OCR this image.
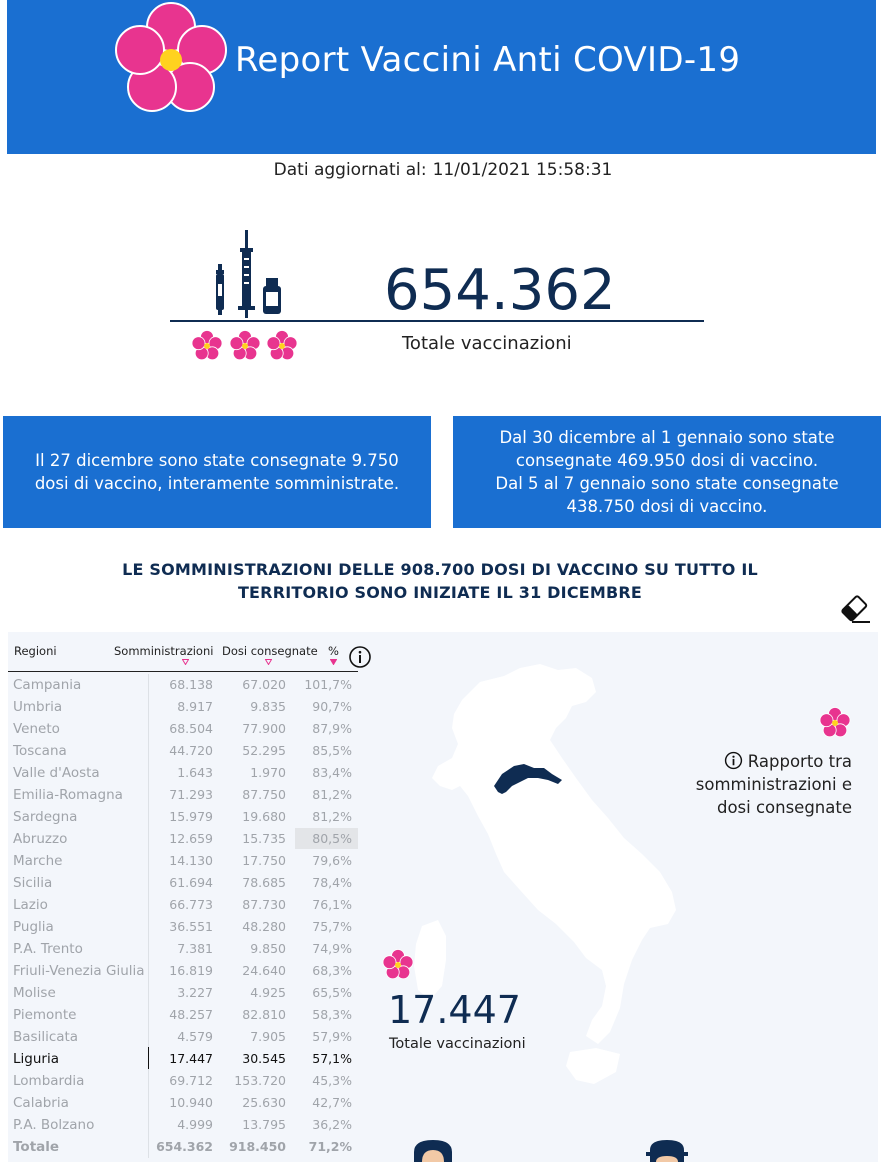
Report Vaccini Anti COVID-19
Dati aggiornati al: 11/01/2021 15:58:31
654.362
Totale vaccinazioni

Il 27 dicembre sono state consegnate 9.750 dosi di vaccino, interamente somministrate.

Dal 30 dicembre al 1 gennaio sono state consegnate 469.950 dosi di vaccino.

Dal 5 al 7 gennaio sono state consegnate 438.750 dosi di vaccino.

LE SOMMINISTRAZIONI DELLE 908.700 DOSI DI VACCINO SU TUTTO IL
TERRITORIO SONO INIZIATE IL 31 DICEMBRE
Regioni	Somministrazioni Dosi consegnate %
Campania	68.138 67.020 101,7%
Umbria	8.917	9.835 90,7%
Veneto	68.504 77.900 87,9%
Toscana	44.720 52.295 85,5%
Valle d'Aosta	1.643	1.970 83,4%
Emilia-Romagna	71.293 87.750 81,2%
Sardegna	15.979 19.680 81,2%
Abruzzo	12.659 15.735	80,5%
Marche	14.130 17.750 79,6%
Sicilia	61.694 78.685 78,4%
Lazio	66.773 87.730 76,1%
Puglia	36.551 48.280 75,7%
P.A. Trento	7.381	9.850 74,9%
Friuli-Venezia Giulia 16.819 24.640 68,3%
Molise	3.227	4.925 65,5%
Piemonte	48.257 82.810 58,3%
Basilicata	4.579	7.905 57,9%
Liguria	17.447 30.545 57,1%
Lombardia	69.712 153.720 45,3%
Calabria	10.940 25.630 42,7%
P.A. Bolzano	4.999 13.795 36,2%
Totale	654.362 918.450 71,2%
Rapporto tra
somministrazioni e
dosi consegnate
17.447
Totale vaccinazioni
